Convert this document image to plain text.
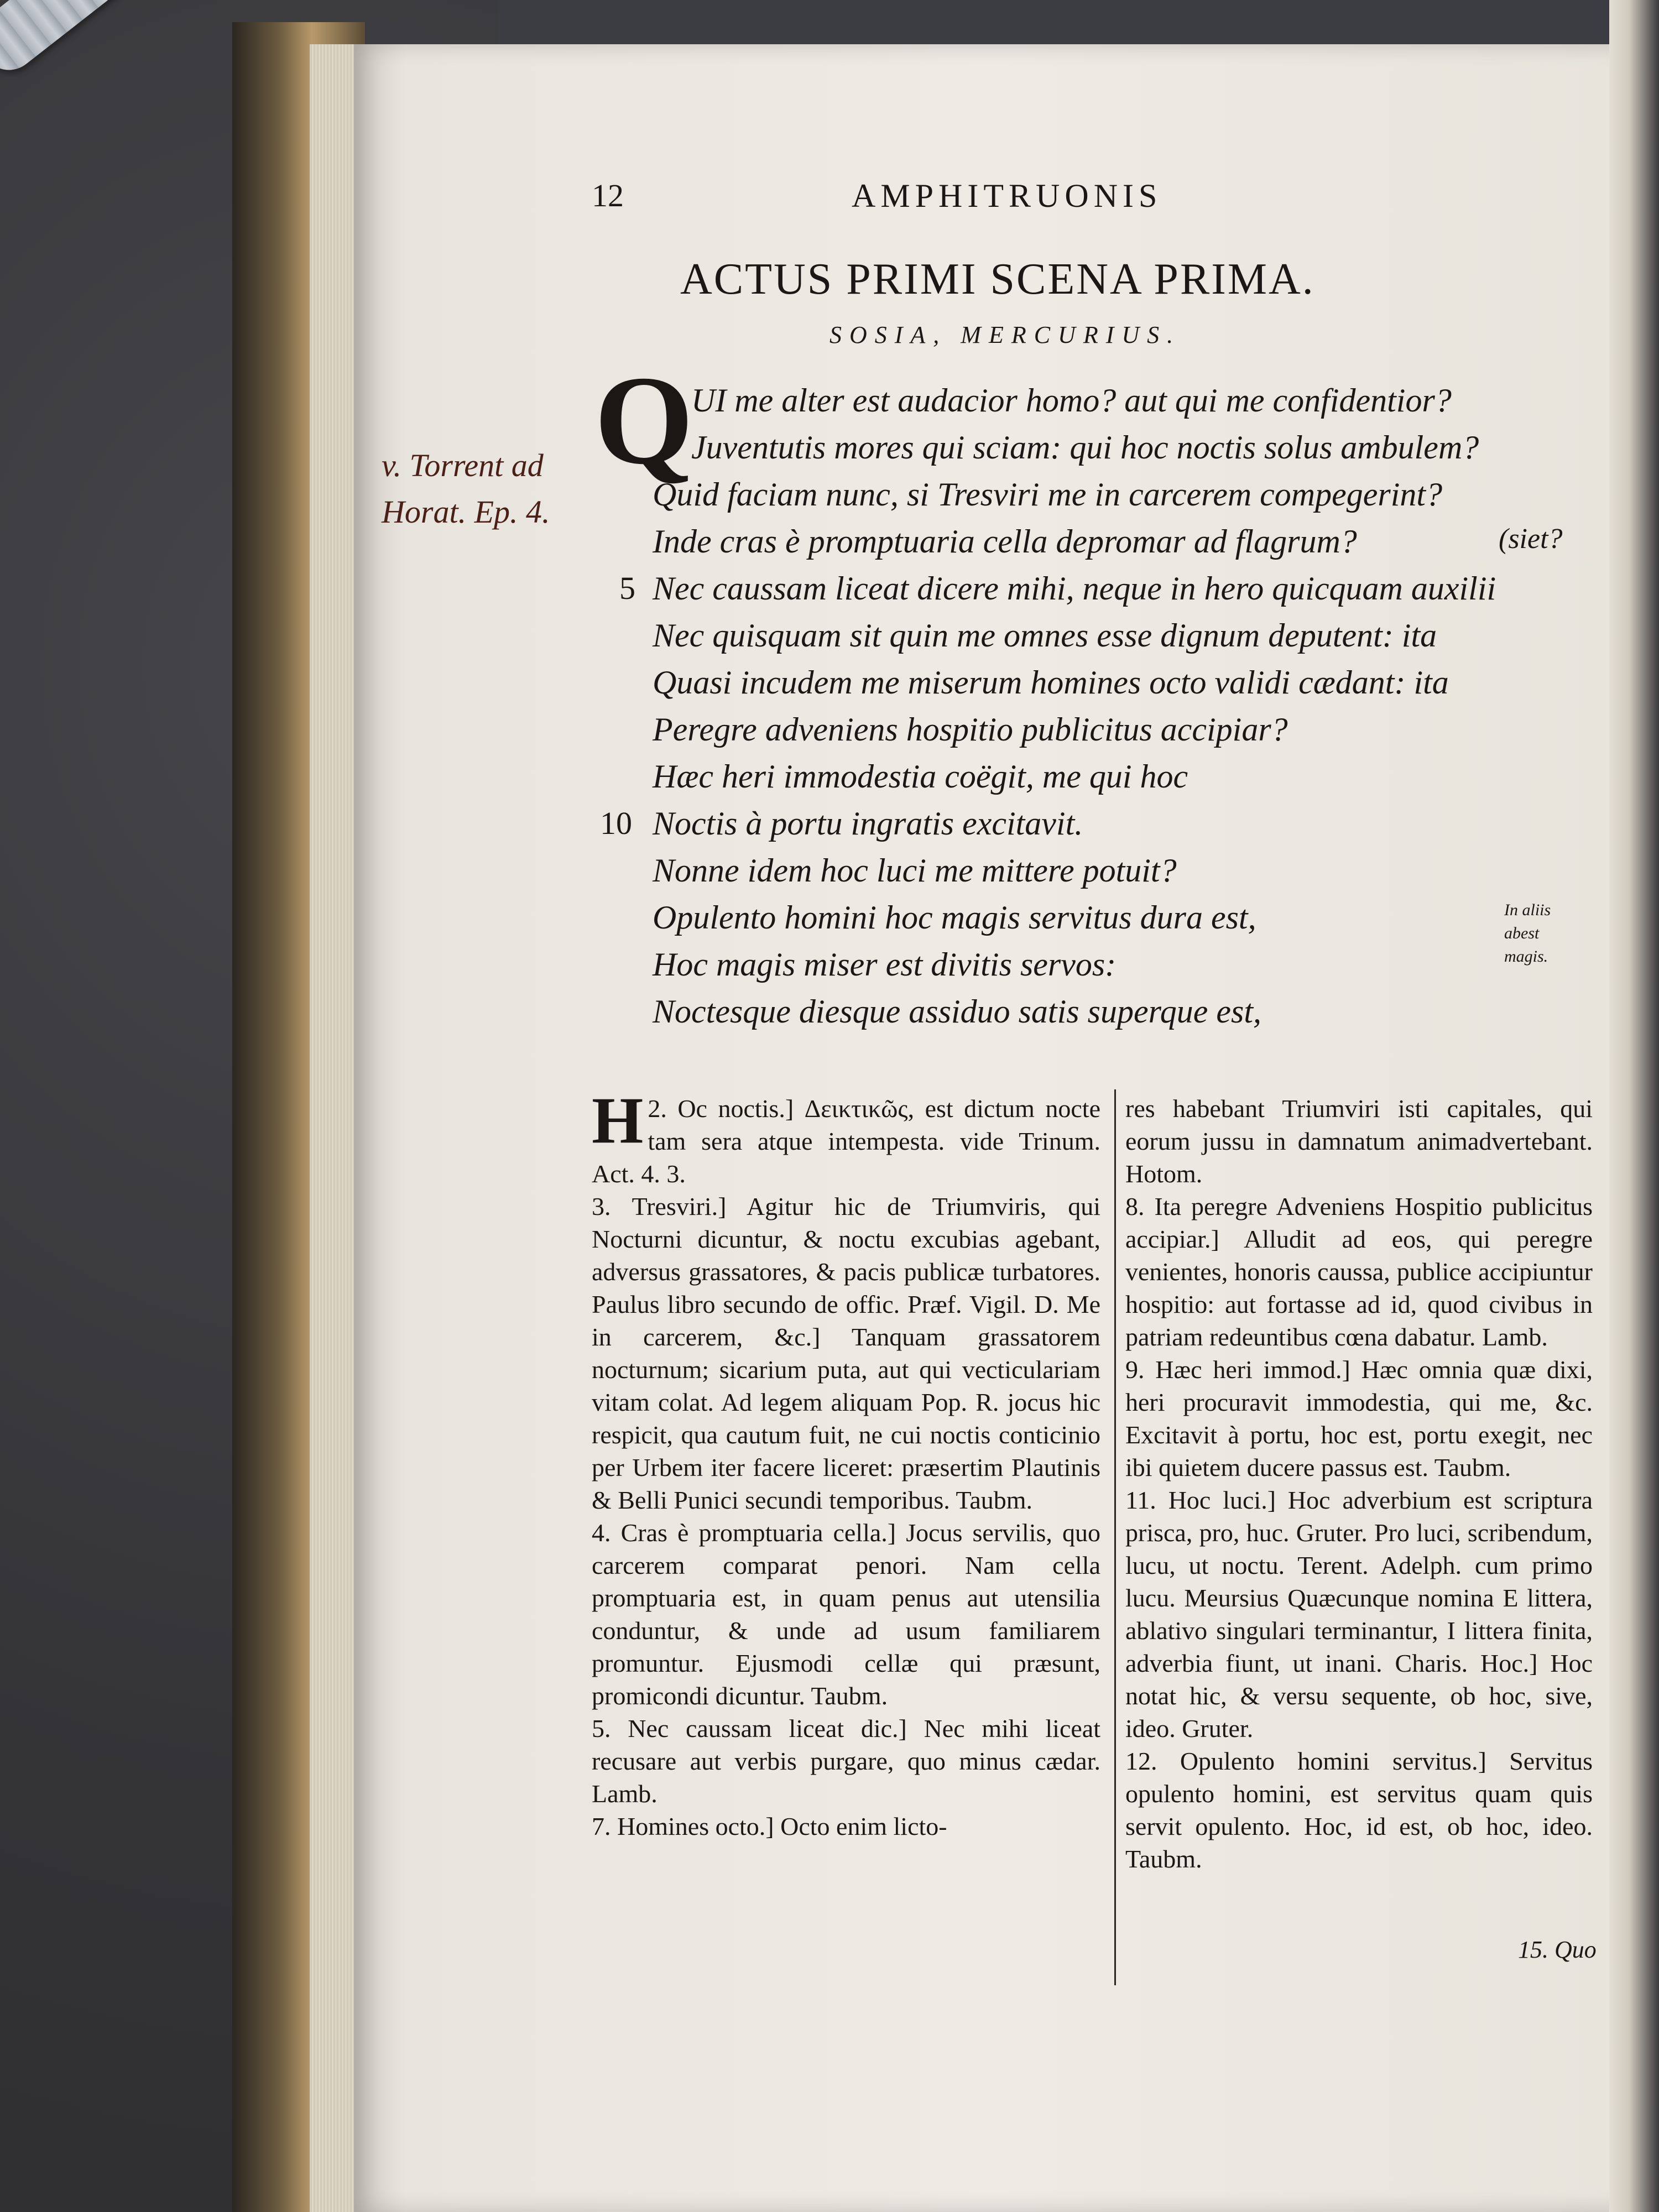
12	AMPHITRUONIS
ACTUS PRIMI SCENA PRIMA.
SOSIA, MERCURIUS.
Q
UI me alter est audacior homo? aut qui me confidentior?
Juventutis mores qui sciam: qui hoc noctis solus ambulem?
Quid faciam nunc, si Tresviri me in carcerem compegerint?
Inde cras è promptuaria cella depromar ad flagrum?
5 Nec caussam liceat dicere mihi, neque in hero quicquam auxilii
Nec quisquam sit quin me omnes esse dignum deputent: ita
Quasi incudem me miserum homines octo validi cædant: ita
Peregre adveniens hospitio publicitus accipiar?
Hæc heri immodestia coëgit, me qui hoc
10 Noctis à portu ingratis excitavit.
Nonne idem hoc luci me mittere potuit?
Opulento homini hoc magis servitus dura est,
Hoc magis miser est divitis servos:
Noctesque diesque assiduo satis superque est,
(siet?
v. Torrent ad
Horat. Ep. 4.
In aliis
abest
magis.

2.
H Oc noctis.] Δεικτικῶς, est dictum nocte tam sera atque intempesta. vide Trinum. Act. 4. 3.

3. Tresviri.] Agitur hic de Triumviris, qui Nocturni dicuntur, & noctu excubias agebant, adversus grassatores, & pacis publicæ turbatores. Paulus libro secundo de offic. Præf. Vigil. D. Me in carcerem, &c.] Tanquam grassatorem nocturnum; sicarium puta, aut qui vecticulariam vitam colat. Ad legem aliquam Pop. R. jocus hic respicit, qua cautum fuit, ne cui noctis conticinio per Urbem iter facere liceret: præsertim Plautinis & Belli Punici secundi temporibus. Taubm.

4. Cras è promptuaria cella.] Jocus servilis, quo carcerem comparat penori. Nam cella promptuaria est, in quam penus aut utensilia conduntur, & unde ad usum familiarem promuntur. Ejusmodi cellæ qui præsunt, promicondi dicuntur. Taubm.

5. Nec caussam liceat dic.] Nec mihi liceat recusare aut verbis purgare, quo minus cædar. Lamb.

7. Homines octo.] Octo enim licto-

res habebant Triumviri isti capitales, qui eorum jussu in damnatum animadvertebant. Hotom.

8. Ita peregre Adveniens Hospitio publicitus accipiar.] Alludit ad eos, qui peregre venientes, honoris caussa, publice accipiuntur hospitio: aut fortasse ad id, quod civibus in patriam redeuntibus cœna dabatur. Lamb.

9. Hæc heri immod.] Hæc omnia quæ dixi, heri procuravit immodestia, qui me, &c. Excitavit à portu, hoc est, portu exegit, nec ibi quietem ducere passus est. Taubm.

11. Hoc luci.] Hoc adverbium est scriptura prisca, pro, huc. Gruter. Pro luci, scribendum, lucu, ut noctu. Terent. Adelph. cum primo lucu. Meursius Quæcunque nomina E littera, ablativo singulari terminantur, I littera finita, adverbia fiunt, ut inani. Charis. Hoc.] Hoc notat hic, & versu sequente, ob hoc, sive, ideo. Gruter.

12. Opulento homini servitus.] Servitus opulento homini, est servitus quam quis servit opulento. Hoc, id est, ob hoc, ideo. Taubm.

15. Quo
